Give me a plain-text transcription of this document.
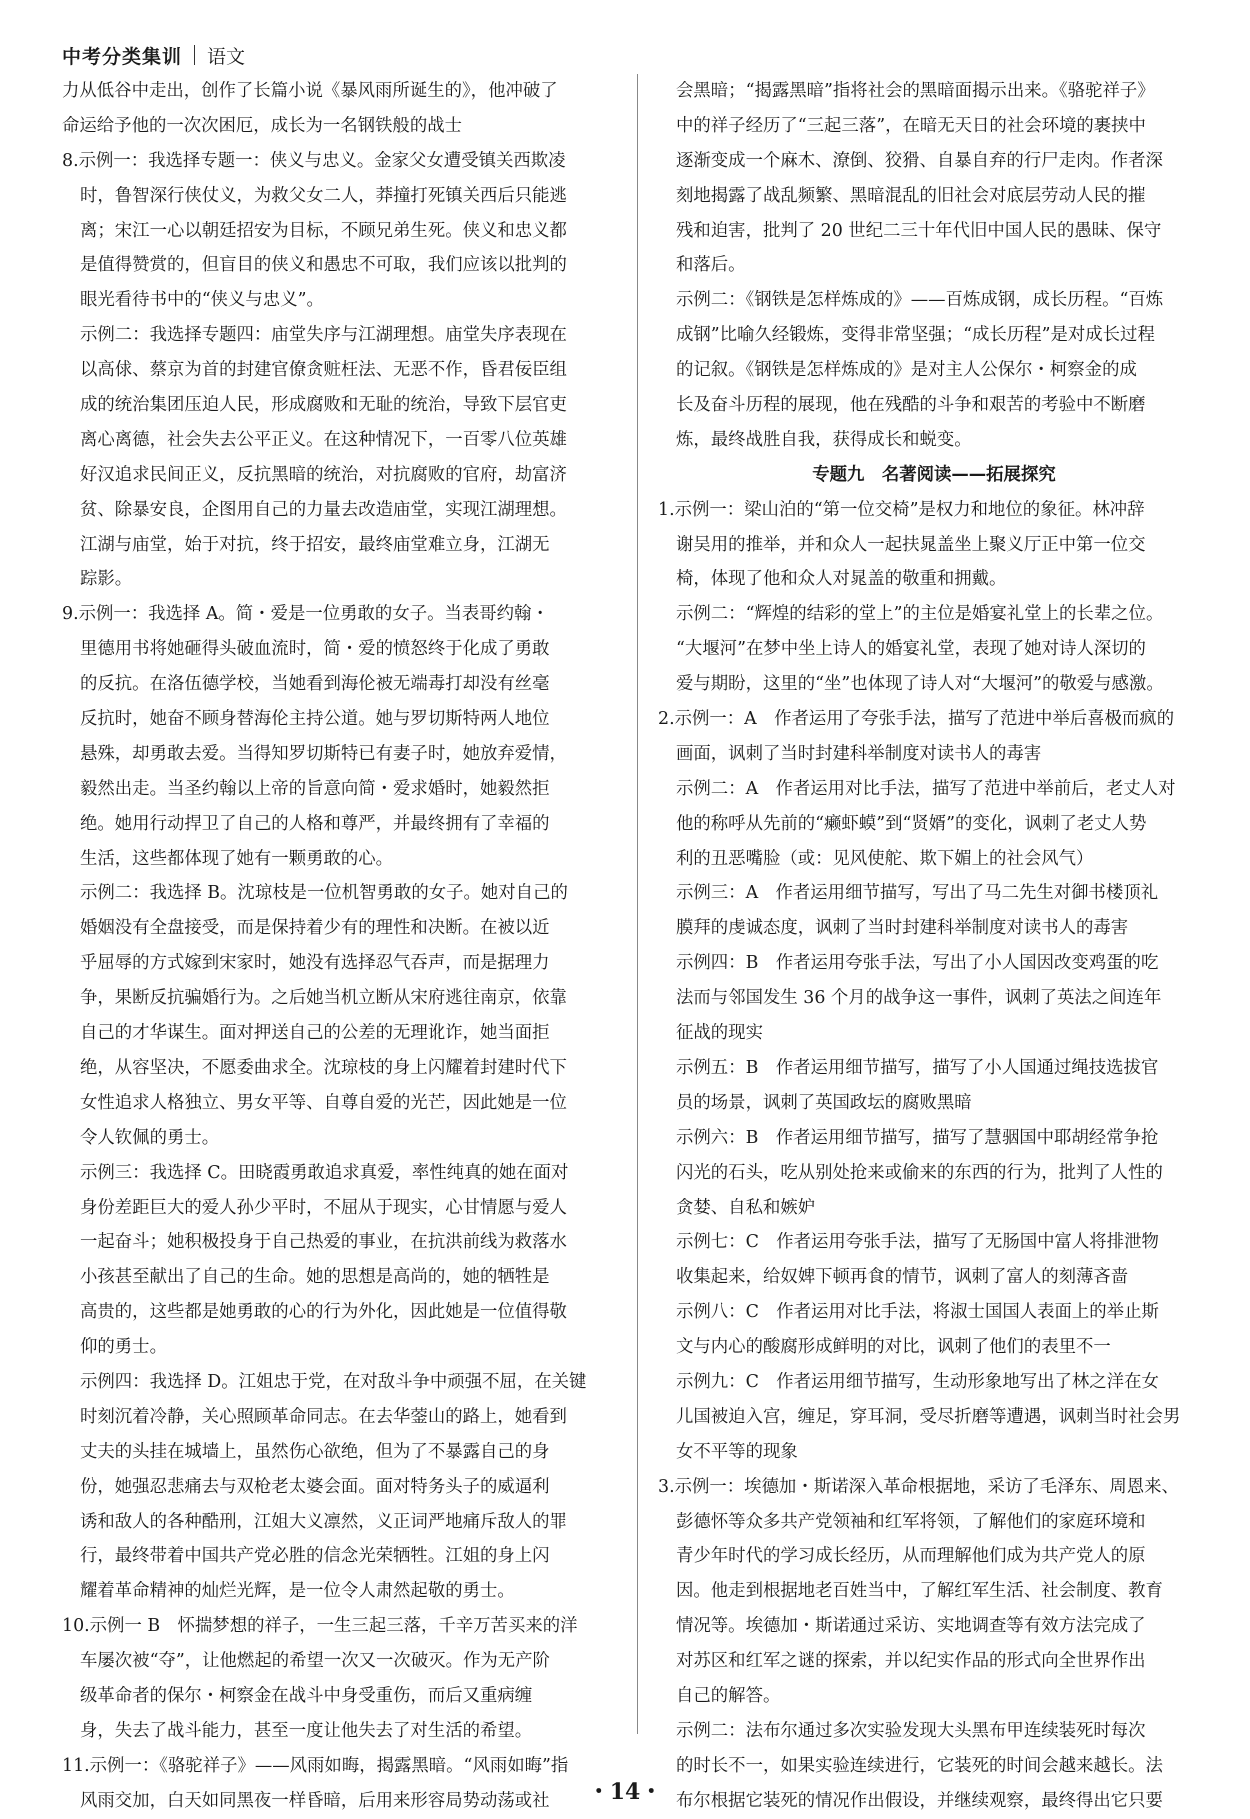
中考分类集训 语文
力从低谷中走出，创作了长篇小说《暴风雨所诞生的》，他冲破了
命运给予他的一次次困厄，成长为一名钢铁般的战士
8.示例一：我选择专题一：侠义与忠义。金家父女遭受镇关西欺凌
时，鲁智深行侠仗义，为救父女二人，莽撞打死镇关西后只能逃
离；宋江一心以朝廷招安为目标，不顾兄弟生死。侠义和忠义都
是值得赞赏的，但盲目的侠义和愚忠不可取，我们应该以批判的
眼光看待书中的“侠义与忠义”。
示例二：我选择专题四：庙堂失序与江湖理想。庙堂失序表现在
以高俅、蔡京为首的封建官僚贪赃枉法、无恶不作，昏君佞臣组
成的统治集团压迫人民，形成腐败和无耻的统治，导致下层官吏
离心离德，社会失去公平正义。在这种情况下，一百零八位英雄
好汉追求民间正义，反抗黑暗的统治，对抗腐败的官府，劫富济
贫、除暴安良，企图用自己的力量去改造庙堂，实现江湖理想。
江湖与庙堂，始于对抗，终于招安，最终庙堂难立身，江湖无
踪影。
9.示例一：我选择 A。简・爱是一位勇敢的女子。当表哥约翰・
里德用书将她砸得头破血流时，简・爱的愤怒终于化成了勇敢
的反抗。在洛伍德学校，当她看到海伦被无端毒打却没有丝毫
反抗时，她奋不顾身替海伦主持公道。她与罗切斯特两人地位
悬殊，却勇敢去爱。当得知罗切斯特已有妻子时，她放弃爱情，
毅然出走。当圣约翰以上帝的旨意向简・爱求婚时，她毅然拒
绝。她用行动捍卫了自己的人格和尊严，并最终拥有了幸福的
生活，这些都体现了她有一颗勇敢的心。
示例二：我选择 B。沈琼枝是一位机智勇敢的女子。她对自己的
婚姻没有全盘接受，而是保持着少有的理性和决断。在被以近
乎屈辱的方式嫁到宋家时，她没有选择忍气吞声，而是据理力
争，果断反抗骗婚行为。之后她当机立断从宋府逃往南京，依靠
自己的才华谋生。面对押送自己的公差的无理讹诈，她当面拒
绝，从容坚决，不愿委曲求全。沈琼枝的身上闪耀着封建时代下
女性追求人格独立、男女平等、自尊自爱的光芒，因此她是一位
令人钦佩的勇士。
示例三：我选择 C。田晓霞勇敢追求真爱，率性纯真的她在面对
身份差距巨大的爱人孙少平时，不屈从于现实，心甘情愿与爱人
一起奋斗；她积极投身于自己热爱的事业，在抗洪前线为救落水
小孩甚至献出了自己的生命。她的思想是高尚的，她的牺牲是
高贵的，这些都是她勇敢的心的行为外化，因此她是一位值得敬
仰的勇士。
示例四：我选择 D。江姐忠于党，在对敌斗争中顽强不屈，在关键
时刻沉着冷静，关心照顾革命同志。在去华蓥山的路上，她看到
丈夫的头挂在城墙上，虽然伤心欲绝，但为了不暴露自己的身
份，她强忍悲痛去与双枪老太婆会面。面对特务头子的威逼利
诱和敌人的各种酷刑，江姐大义凛然，义正词严地痛斥敌人的罪
行，最终带着中国共产党必胜的信念光荣牺牲。江姐的身上闪
耀着革命精神的灿烂光辉，是一位令人肃然起敬的勇士。
10.示例一 B　怀揣梦想的祥子，一生三起三落，千辛万苦买来的洋
车屡次被“夺”，让他燃起的希望一次又一次破灭。作为无产阶
级革命者的保尔・柯察金在战斗中身受重伤，而后又重病缠
身，失去了战斗能力，甚至一度让他失去了对生活的希望。
11.示例一：《骆驼祥子》——风雨如晦，揭露黑暗。“风雨如晦”指
风雨交加，白天如同黑夜一样昏暗，后用来形容局势动荡或社
会黑暗；“揭露黑暗”指将社会的黑暗面揭示出来。《骆驼祥子》
中的祥子经历了“三起三落”，在暗无天日的社会环境的裹挟中
逐渐变成一个麻木、潦倒、狡猾、自暴自弃的行尸走肉。作者深
刻地揭露了战乱频繁、黑暗混乱的旧社会对底层劳动人民的摧
残和迫害，批判了 20 世纪二三十年代旧中国人民的愚昧、保守
和落后。
示例二：《钢铁是怎样炼成的》——百炼成钢，成长历程。“百炼
成钢”比喻久经锻炼，变得非常坚强；“成长历程”是对成长过程
的记叙。《钢铁是怎样炼成的》是对主人公保尔・柯察金的成
长及奋斗历程的展现，他在残酷的斗争和艰苦的考验中不断磨
炼，最终战胜自我，获得成长和蜕变。
专题九　名著阅读——拓展探究
1.示例一：梁山泊的“第一位交椅”是权力和地位的象征。林冲辞
谢吴用的推举，并和众人一起扶晁盖坐上聚义厅正中第一位交
椅，体现了他和众人对晁盖的敬重和拥戴。
示例二：“辉煌的结彩的堂上”的主位是婚宴礼堂上的长辈之位。
“大堰河”在梦中坐上诗人的婚宴礼堂，表现了她对诗人深切的
爱与期盼，这里的“坐”也体现了诗人对“大堰河”的敬爱与感激。
2.示例一：A　作者运用了夸张手法，描写了范进中举后喜极而疯的
画面，讽刺了当时封建科举制度对读书人的毒害
示例二：A　作者运用对比手法，描写了范进中举前后，老丈人对
他的称呼从先前的“癞虾蟆”到“贤婿”的变化，讽刺了老丈人势
利的丑恶嘴脸（或：见风使舵、欺下媚上的社会风气）
示例三：A　作者运用细节描写，写出了马二先生对御书楼顶礼
膜拜的虔诚态度，讽刺了当时封建科举制度对读书人的毒害
示例四：B　作者运用夸张手法，写出了小人国因改变鸡蛋的吃
法而与邻国发生 36 个月的战争这一事件，讽刺了英法之间连年
征战的现实
示例五：B　作者运用细节描写，描写了小人国通过绳技选拔官
员的场景，讽刺了英国政坛的腐败黑暗
示例六：B　作者运用细节描写，描写了慧骃国中耶胡经常争抢
闪光的石头，吃从别处抢来或偷来的东西的行为，批判了人性的
贪婪、自私和嫉妒
示例七：C　作者运用夸张手法，描写了无肠国中富人将排泄物
收集起来，给奴婢下顿再食的情节，讽刺了富人的刻薄吝啬
示例八：C　作者运用对比手法，将淑士国国人表面上的举止斯
文与内心的酸腐形成鲜明的对比，讽刺了他们的表里不一
示例九：C　作者运用细节描写，生动形象地写出了林之洋在女
儿国被迫入宫，缠足，穿耳洞，受尽折磨等遭遇，讽刺当时社会男
女不平等的现象
3.示例一：埃德加・斯诺深入革命根据地，采访了毛泽东、周恩来、
彭德怀等众多共产党领袖和红军将领，了解他们的家庭环境和
青少年时代的学习成长经历，从而理解他们成为共产党人的原
因。他走到根据地老百姓当中，了解红军生活、社会制度、教育
情况等。埃德加・斯诺通过采访、实地调查等有效方法完成了
对苏区和红军之谜的探索，并以纪实作品的形式向全世界作出
自己的解答。
示例二：法布尔通过多次实验发现大头黑布甲连续装死时每次
的时长不一，如果实验连续进行，它装死的时间会越来越长。法
布尔根据它装死的情况作出假设，并继续观察，最终得出它只要
・14・
